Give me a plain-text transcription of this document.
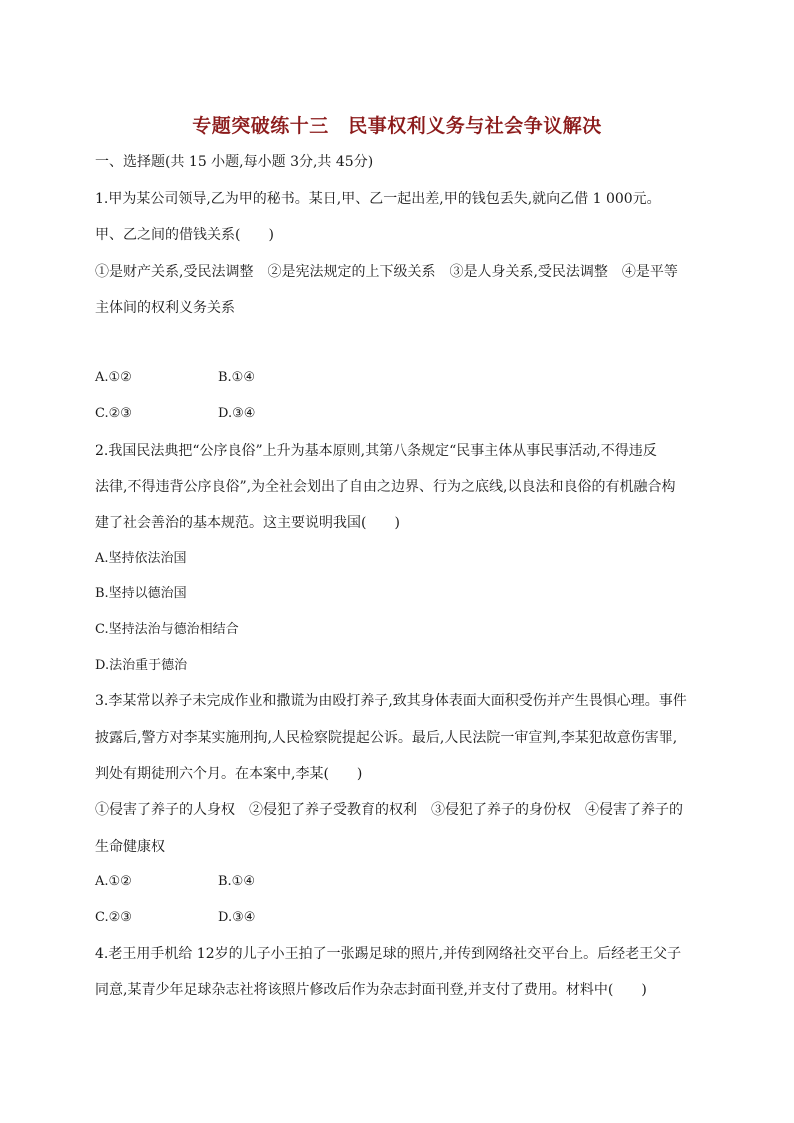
专题突破练十三　民事权利义务与社会争议解决
一、选择题(共 15 小题,每小题 3分,共 45分)
1.甲为某公司领导,乙为甲的秘书。某日,甲、乙一起出差,甲的钱包丢失,就向乙借 1 000元。
甲、乙之间的借钱关系(　　)
①是财产关系,受民法调整　②是宪法规定的上下级关系　③是人身关系,受民法调整　④是平等
主体间的权利义务关系
A.①②	B.①④
C.②③	D.③④
2.我国民法典把“公序良俗”上升为基本原则,其第八条规定“民事主体从事民事活动,不得违反
法律,不得违背公序良俗”,为全社会划出了自由之边界、行为之底线,以良法和良俗的有机融合构
建了社会善治的基本规范。这主要说明我国(　　)
A.坚持依法治国
B.坚持以德治国
C.坚持法治与德治相结合
D.法治重于德治
3.李某常以养子未完成作业和撒谎为由殴打养子,致其身体表面大面积受伤并产生畏惧心理。事件
披露后,警方对李某实施刑拘,人民检察院提起公诉。最后,人民法院一审宣判,李某犯故意伤害罪,
判处有期徒刑六个月。在本案中,李某(　　)
①侵害了养子的人身权　②侵犯了养子受教育的权利　③侵犯了养子的身份权　④侵害了养子的
生命健康权
A.①②	B.①④
C.②③	D.③④
4.老王用手机给 12岁的儿子小王拍了一张踢足球的照片,并传到网络社交平台上。后经老王父子
同意,某青少年足球杂志社将该照片修改后作为杂志封面刊登,并支付了费用。材料中(　　)
